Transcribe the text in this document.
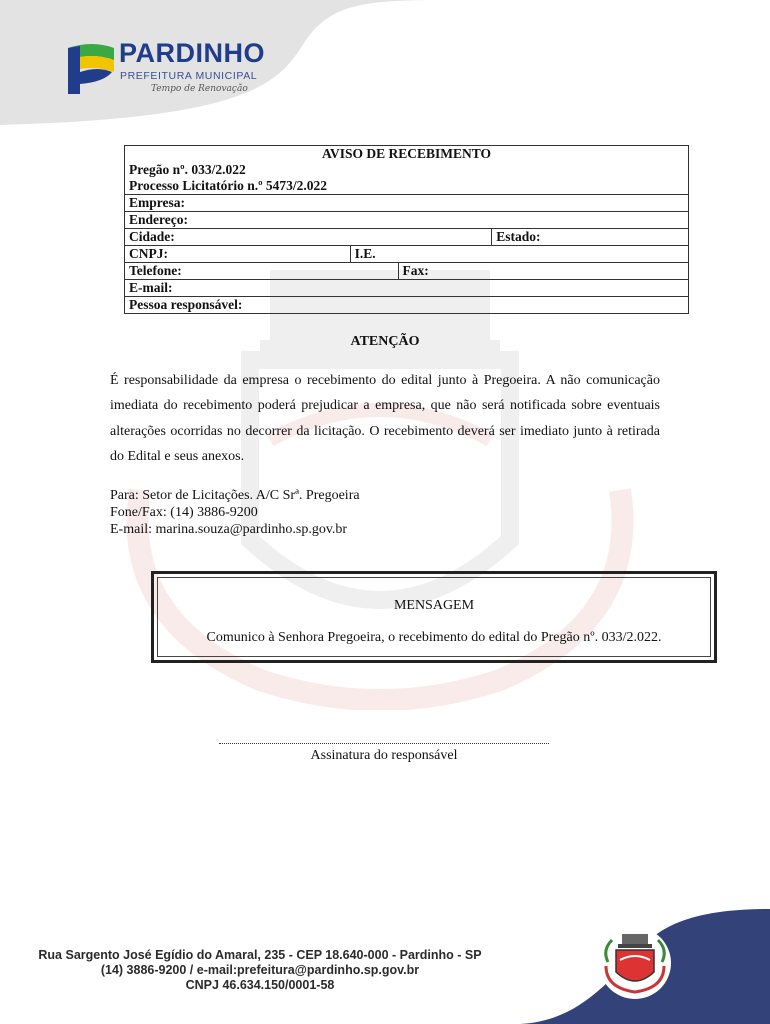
PARDINHO
PREFEITURA MUNICIPAL
Tempo de Renovação
AVISO DE RECEBIMENTO			
Pregão nº. 033/2.022			
Processo Licitatório n.º 5473/2.022			
Empresa:			
Endereço:			
Cidade:			Estado:
CNPJ:	I.E.		
Telefone:		Fax:	
E-mail:			
Pessoa responsável:			
ATENÇÃO
É responsabilidade da empresa o recebimento do edital junto à Pregoeira. A não comunicação imediata do recebimento poderá prejudicar a empresa, que não será notificada sobre eventuais alterações ocorridas no decorrer da licitação. O recebimento deverá ser imediato junto à retirada do Edital e seus anexos.
Para: Setor de Licitações. A/C Srª. Pregoeira
Fone/Fax: (14) 3886-9200
E-mail: marina.souza@pardinho.sp.gov.br
MENSAGEM
Comunico à Senhora Pregoeira, o recebimento do edital do Pregão nº. 033/2.022.
Assinatura do responsável
Rua Sargento José Egídio do Amaral, 235 - CEP 18.640-000 - Pardinho - SP
(14) 3886-9200 / e-mail:prefeitura@pardinho.sp.gov.br
CNPJ 46.634.150/0001-58
